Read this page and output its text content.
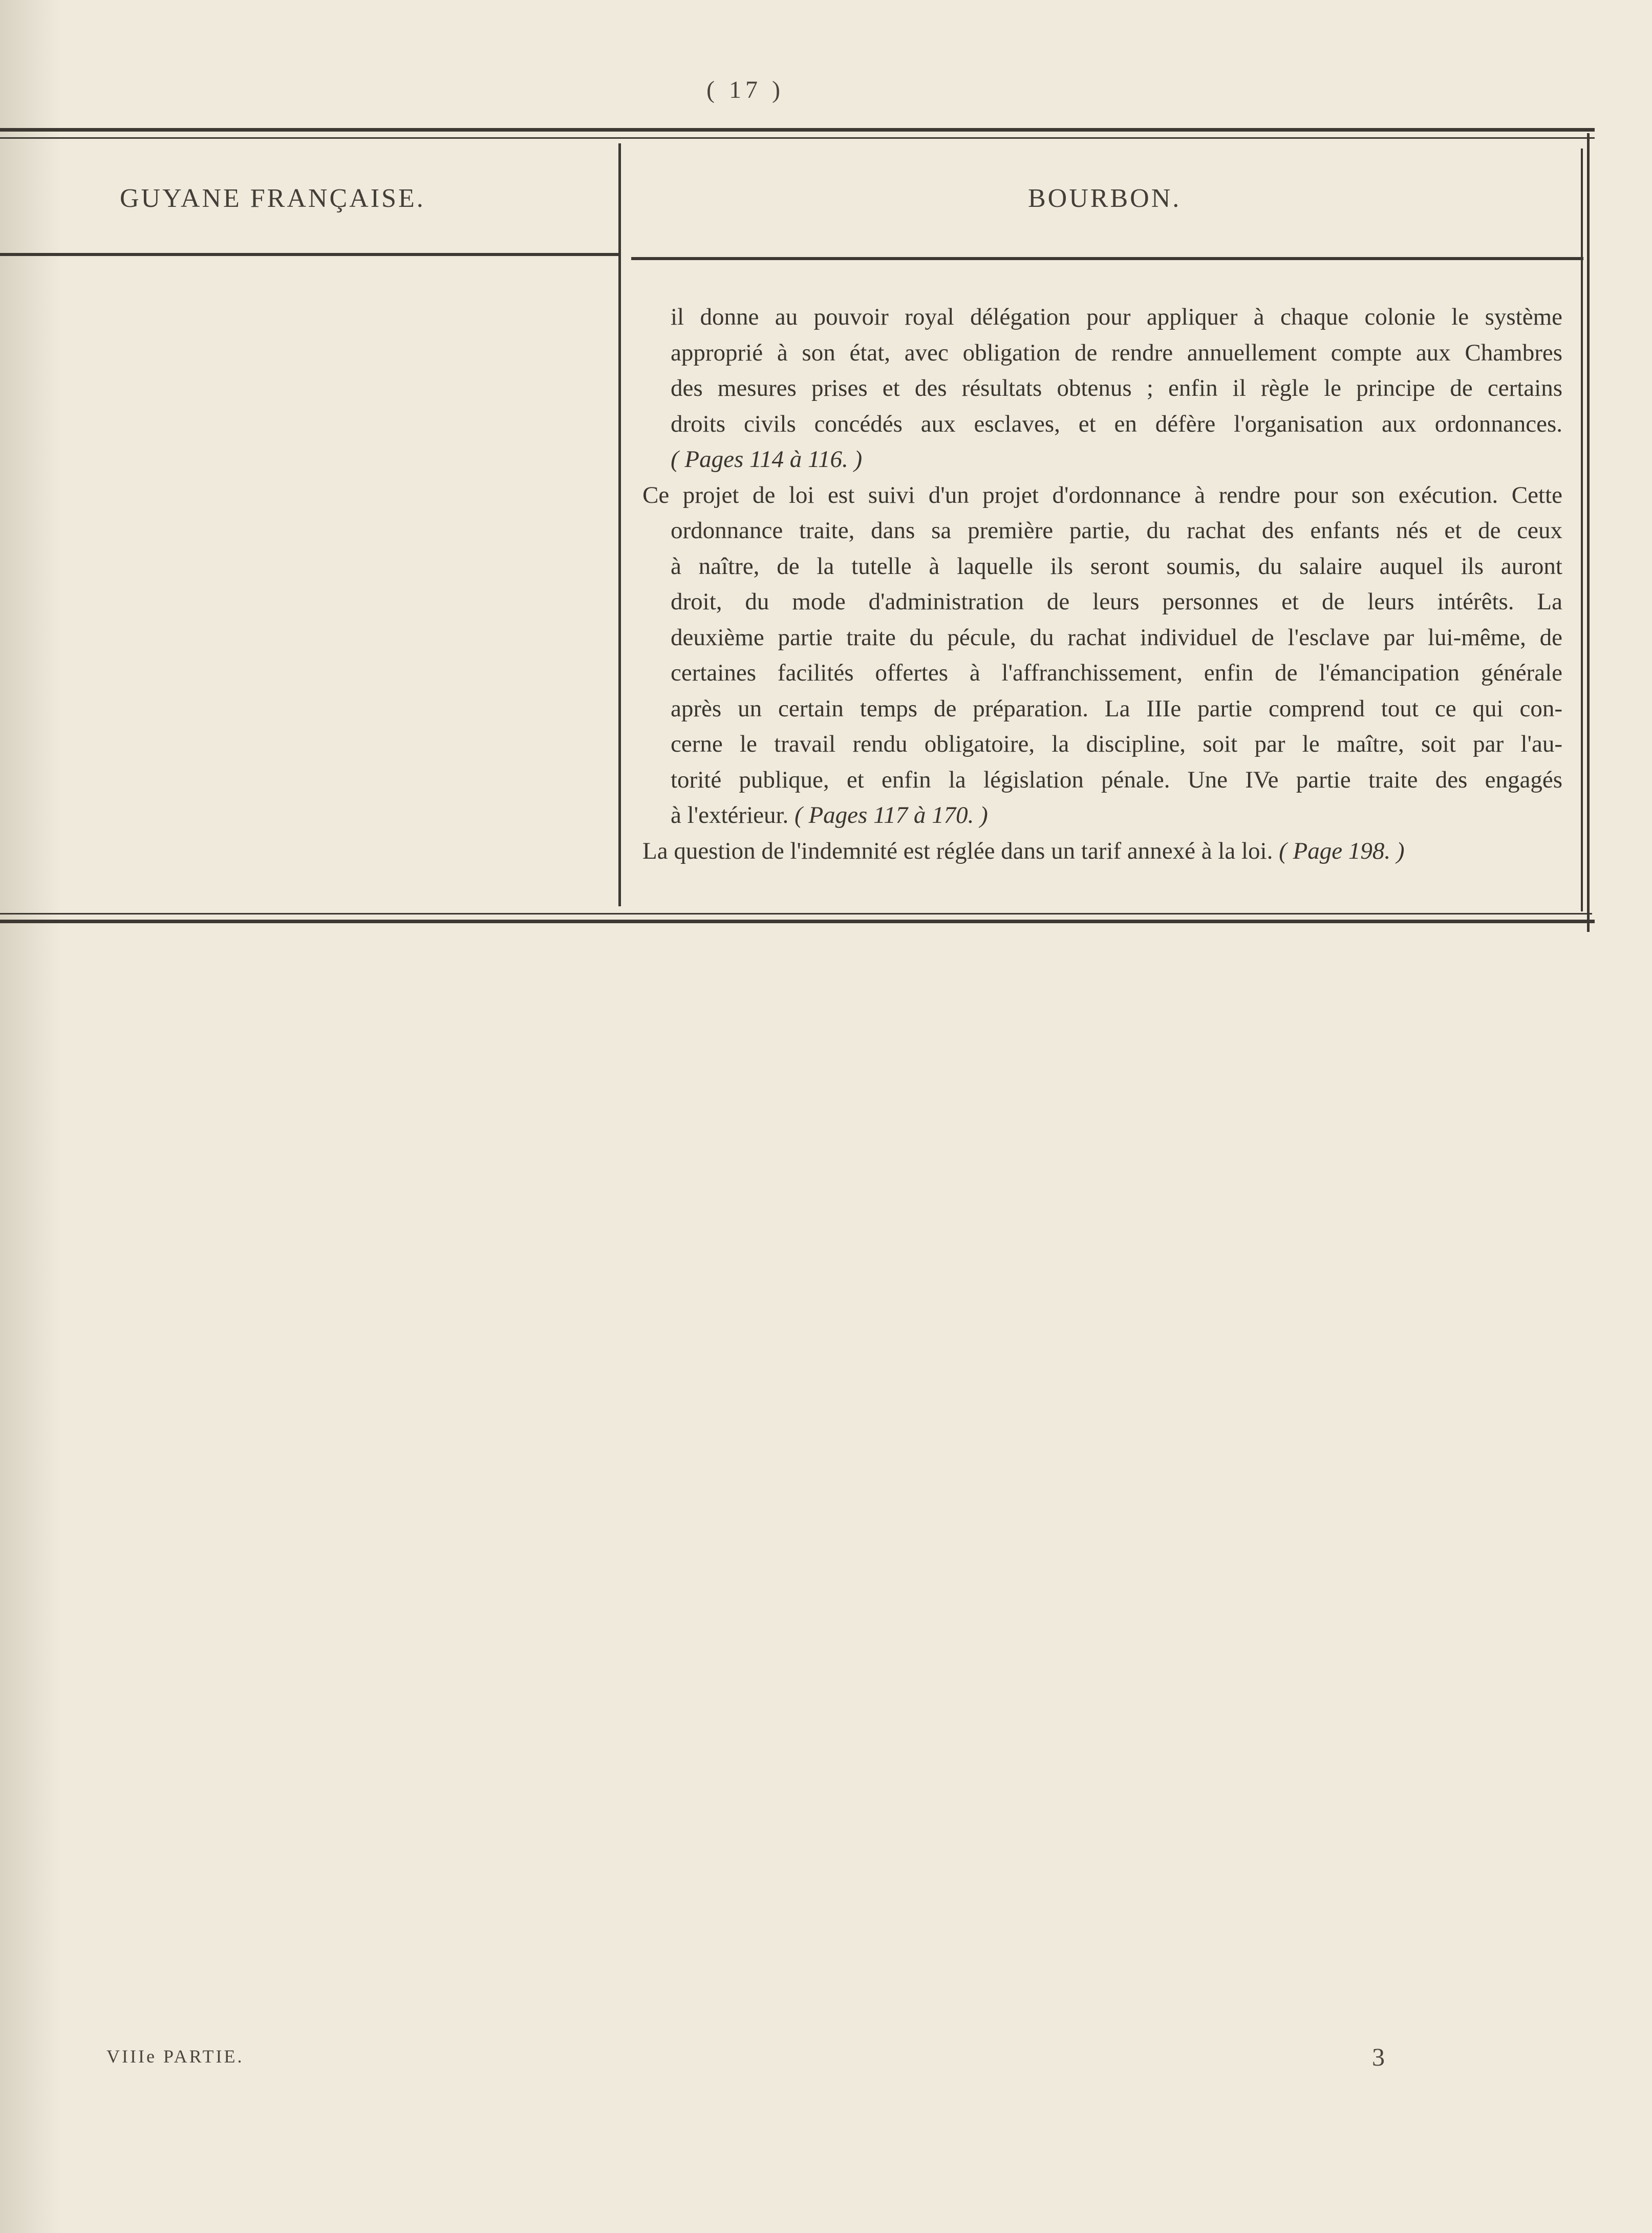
( 17 )
GUYANE FRANÇAISE.	BOURBON.
il donne au pouvoir royal délégation pour appliquer à chaque colonie le système
approprié à son état, avec obligation de rendre annuellement compte aux Chambres
des mesures prises et des résultats obtenus ; enfin il règle le principe de certains
droits civils concédés aux esclaves, et en défère l'organisation aux ordonnances.
( Pages 114 à 116. )
Ce projet de loi est suivi d'un projet d'ordonnance à rendre pour son exécution. Cette
ordonnance traite, dans sa première partie, du rachat des enfants nés et de ceux
à naître, de la tutelle à laquelle ils seront soumis, du salaire auquel ils auront
droit, du mode d'administration de leurs personnes et de leurs intérêts. La
deuxième partie traite du pécule, du rachat individuel de l'esclave par lui-même, de
certaines facilités offertes à l'affranchissement, enfin de l'émancipation générale
après un certain temps de préparation. La IIIe partie comprend tout ce qui con-
cerne le travail rendu obligatoire, la discipline, soit par le maître, soit par l'au-
torité publique, et enfin la législation pénale. Une IVe partie traite des engagés
à l'extérieur. ( Pages 117 à 170. )
La question de l'indemnité est réglée dans un tarif annexé à la loi. ( Page 198. )
VIIIe PARTIE.	3
